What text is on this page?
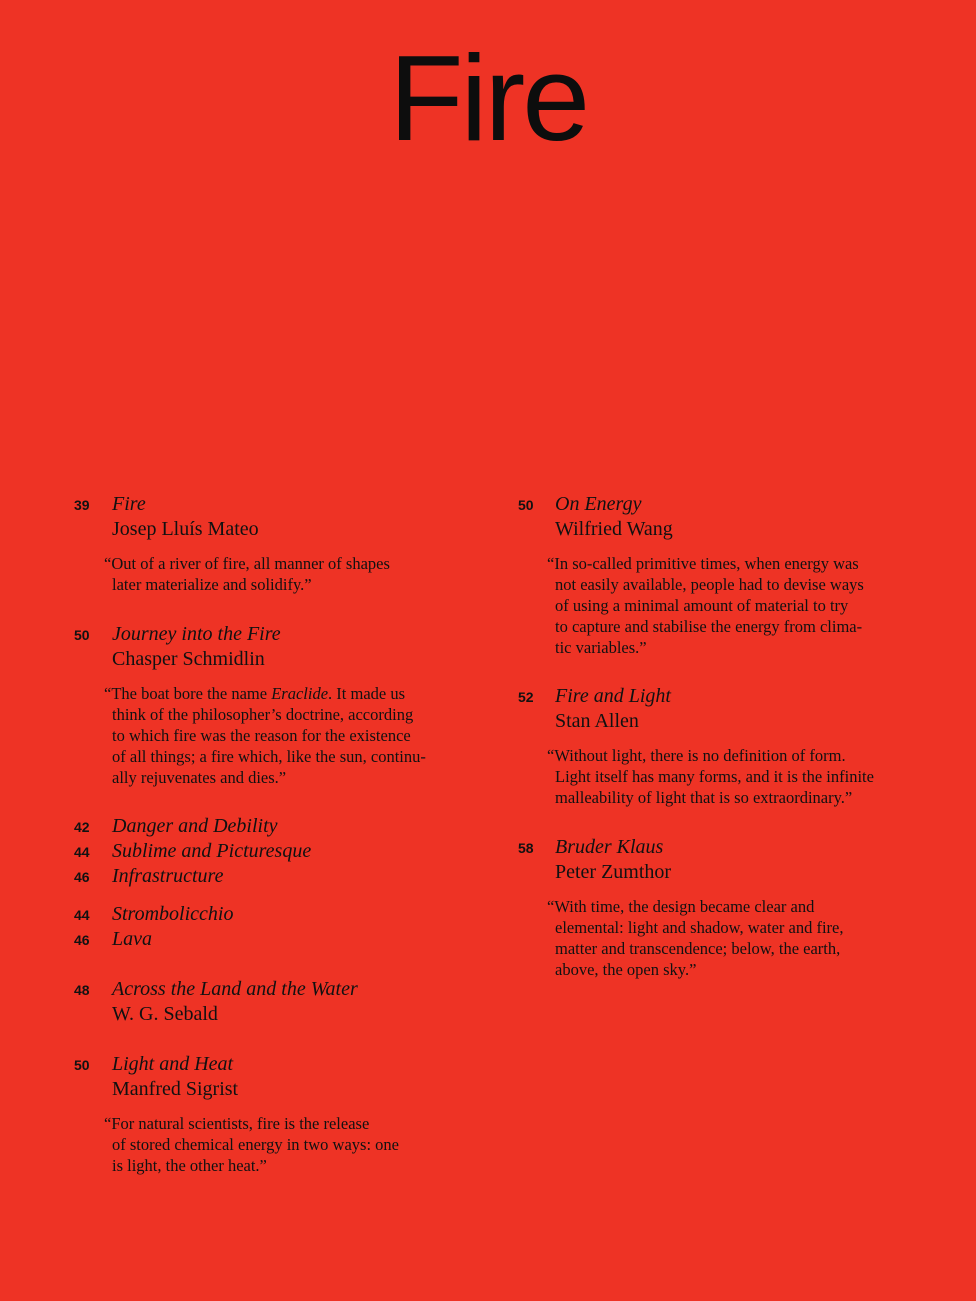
Fire
39 Fire
Josep Lluís Mateo
“Out of a river of fire, all manner of shapes
later materialize and solidify.”
50 Journey into the Fire
Chasper Schmidlin
“The boat bore the name Eraclide. It made us
think of the philosopher’s doctrine, according
to which fire was the reason for the existence
of all things; a fire which, like the sun, continu-
ally rejuvenates and dies.”
42 Danger and Debility
44 Sublime and Picturesque
46 Infrastructure
44 Strombolicchio
46 Lava
48 Across the Land and the Water
W. G. Sebald
50 Light and Heat
Manfred Sigrist
“For natural scientists, fire is the release
of stored chemical energy in two ways: one
is light, the other heat.”
50 On Energy
Wilfried Wang
“In so-called primitive times, when energy was
not easily available, people had to devise ways
of using a minimal amount of material to try
to capture and stabilise the energy from clima-
tic variables.”
52 Fire and Light
Stan Allen
“Without light, there is no definition of form.
Light itself has many forms, and it is the infinite
malleability of light that is so extraordinary.”
58 Bruder Klaus
Peter Zumthor
“With time, the design became clear and
elemental: light and shadow, water and fire,
matter and transcendence; below, the earth,
above, the open sky.”
